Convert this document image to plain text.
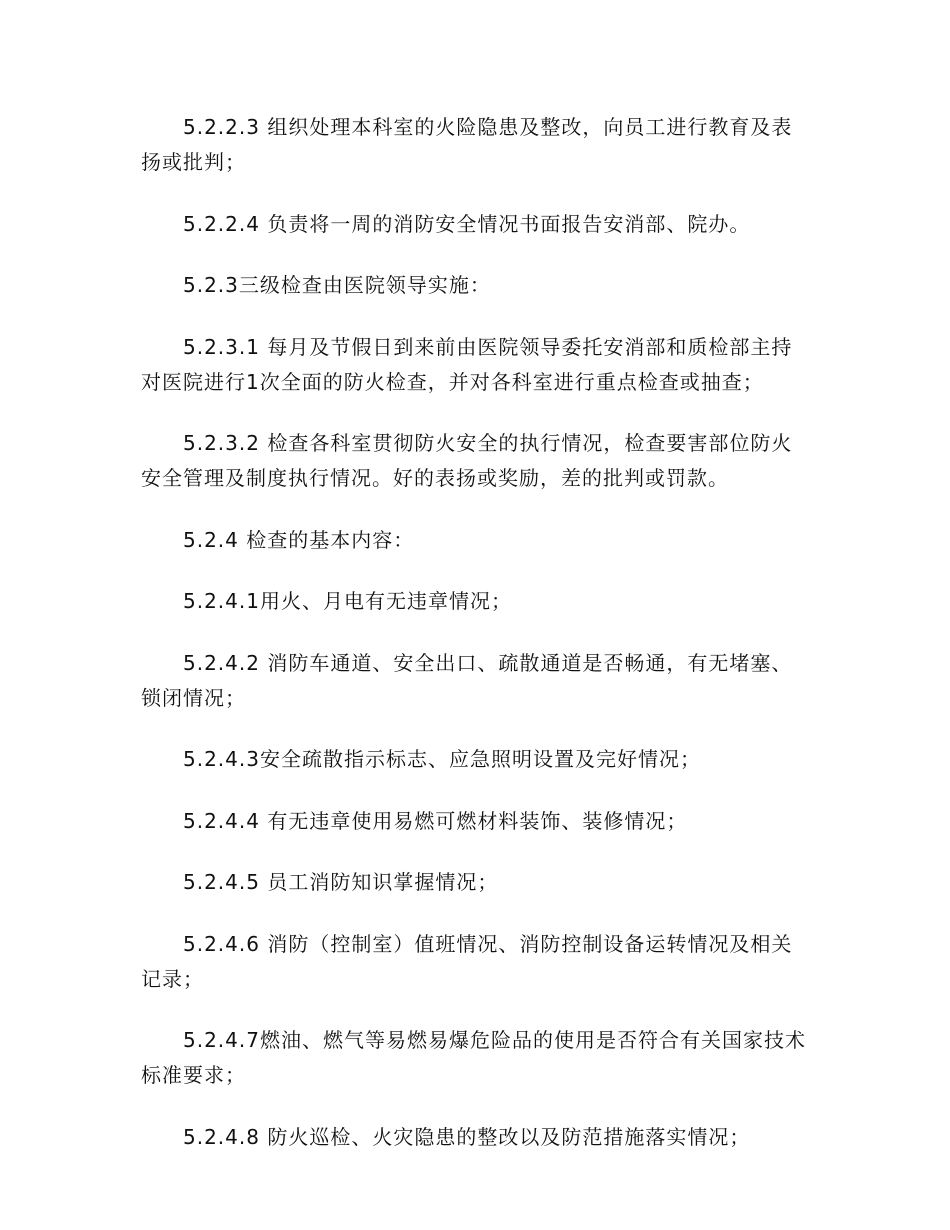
5.2.2.3 组织处理本科室的火险隐患及整改，向员工进行教育及表扬或批判；

5.2.2.4 负责将一周的消防安全情况书面报告安消部、院办。

5.2.3三级检查由医院领导实施：

5.2.3.1 每月及节假日到来前由医院领导委托安消部和质检部主持对医院进行1次全面的防火检查，并对各科室进行重点检查或抽查；

5.2.3.2 检查各科室贯彻防火安全的执行情况，检查要害部位防火安全管理及制度执行情况。好的表扬或奖励，差的批判或罚款。

5.2.4 检查的基本内容：

5.2.4.1用火、月电有无违章情况；

5.2.4.2 消防车通道、安全出口、疏散通道是否畅通，有无堵塞、锁闭情况；

5.2.4.3安全疏散指示标志、应急照明设置及完好情况；

5.2.4.4 有无违章使用易燃可燃材料装饰、装修情况；

5.2.4.5 员工消防知识掌握情况；

5.2.4.6 消防（控制室）值班情况、消防控制设备运转情况及相关记录；

5.2.4.7燃油、燃气等易燃易爆危险品的使用是否符合有关国家技术标准要求；

5.2.4.8 防火巡检、火灾隐患的整改以及防范措施落实情况；
